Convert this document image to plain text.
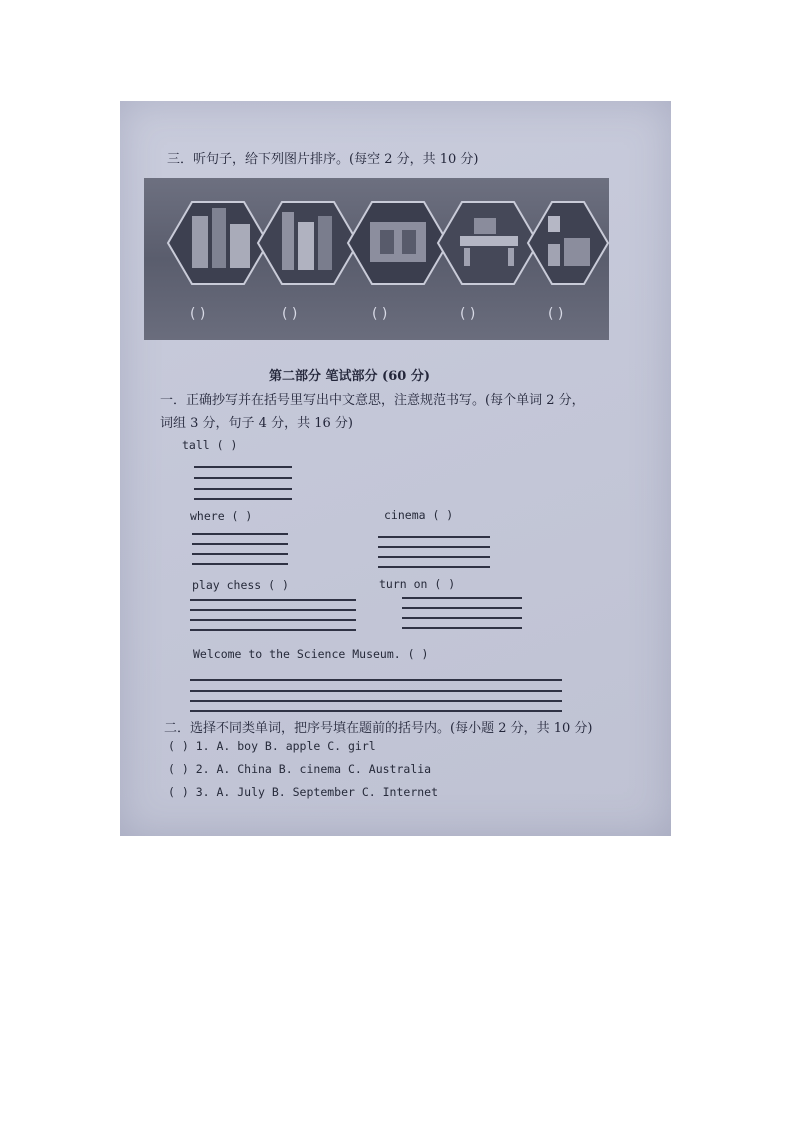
三．听句子，给下列图片排序。(每空 2 分，共 10 分)
( )	( )	( )	( )	( )
第二部分 笔试部分 (60 分)
一．正确抄写并在括号里写出中文意思，注意规范书写。(每个单词 2 分，
词组 3 分，句子 4 分，共 16 分)
tall ( )
where ( )	cinema ( )
play chess ( )	turn on ( )
Welcome to the Science Museum. ( )
二．选择不同类单词，把序号填在题前的括号内。(每小题 2 分，共 10 分)
( ) 1. A. boy B. apple C. girl
( ) 2. A. China B. cinema C. Australia
( ) 3. A. July B. September C. Internet
